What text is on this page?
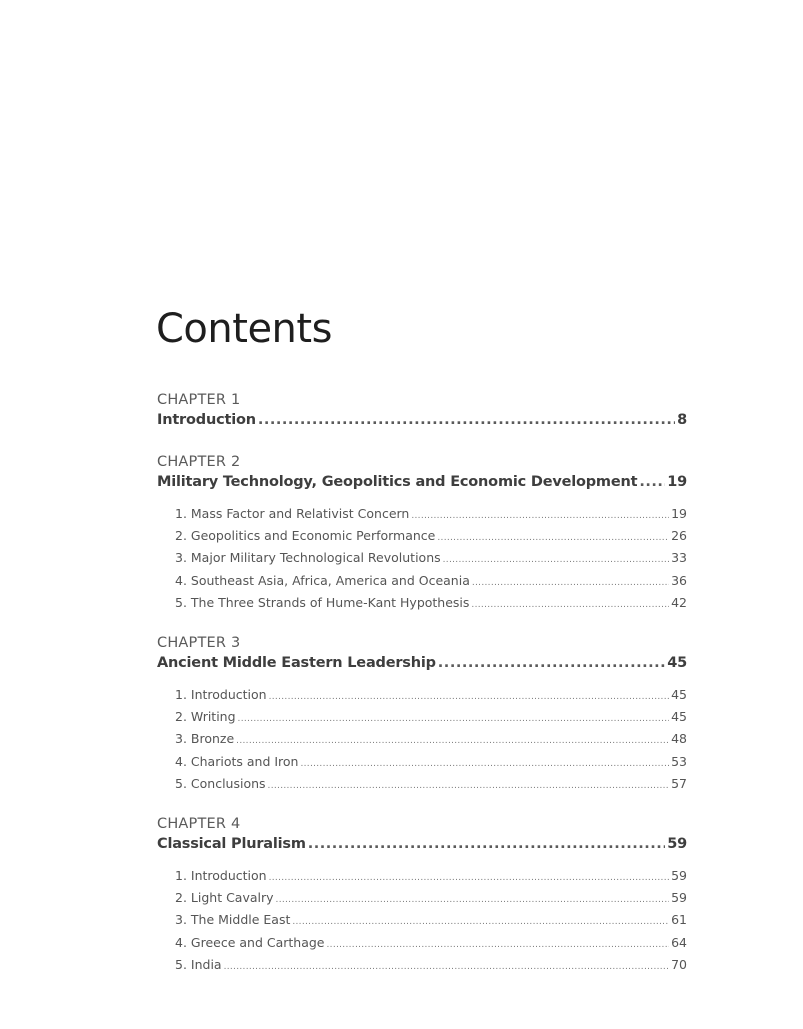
Contents
CHAPTER 1
Introduction .....	8
CHAPTER 2
Military Technology, Geopolitics and Economic Development ..... 19
1. Mass Factor and Relativist Concern .....	19
2. Geopolitics and Economic Performance .....	26
3. Major Military Technological Revolutions .....	33
4. Southeast Asia, Africa, America and Oceania .....	36
5. The Three Strands of Hume-Kant Hypothesis .....	42
CHAPTER 3
Ancient Middle Eastern Leadership .....	45
1. Introduction .....	45
2. Writing .....	45
3. Bronze .....	48
4. Chariots and Iron .....	53
5. Conclusions .....	57
CHAPTER 4
Classical Pluralism .....	59
1. Introduction .....	59
2. Light Cavalry .....	59
3. The Middle East .....	61
4. Greece and Carthage .....	64
5. India .....	70
